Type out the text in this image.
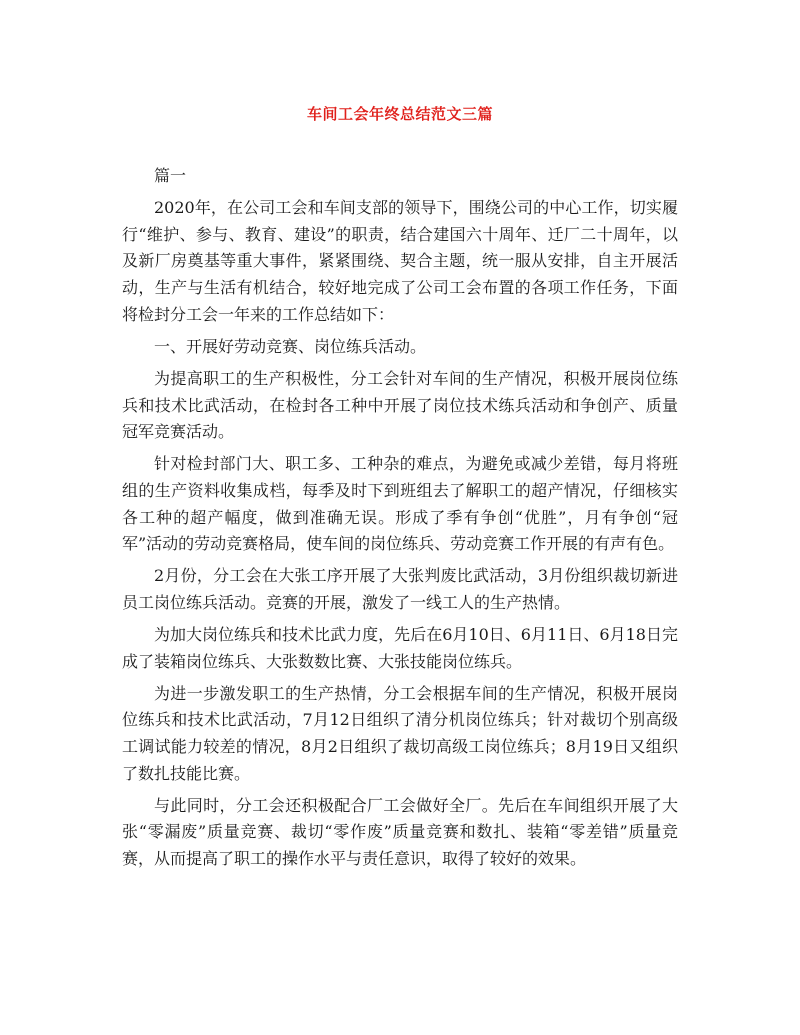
车间工会年终总结范文三篇

篇一

2020年，在公司工会和车间支部的领导下，围绕公司的中心工作，切实履行“维护、参与、教育、建设”的职责，结合建国六十周年、迁厂二十周年，以及新厂房奠基等重大事件，紧紧围绕、契合主题，统一服从安排，自主开展活动，生产与生活有机结合，较好地完成了公司工会布置的各项工作任务，下面将检封分工会一年来的工作总结如下：

一、开展好劳动竞赛、岗位练兵活动。

为提高职工的生产积极性，分工会针对车间的生产情况，积极开展岗位练兵和技术比武活动，在检封各工种中开展了岗位技术练兵活动和争创产、质量冠军竞赛活动。

针对检封部门大、职工多、工种杂的难点，为避免或减少差错，每月将班组的生产资料收集成档，每季及时下到班组去了解职工的超产情况，仔细核实各工种的超产幅度，做到准确无误。形成了季有争创“优胜”，月有争创“冠军”活动的劳动竞赛格局，使车间的岗位练兵、劳动竞赛工作开展的有声有色。

2月份，分工会在大张工序开展了大张判废比武活动，3月份组织裁切新进员工岗位练兵活动。竞赛的开展，激发了一线工人的生产热情。

为加大岗位练兵和技术比武力度，先后在6月10日、6月11日、6月18日完成了装箱岗位练兵、大张数数比赛、大张技能岗位练兵。

为进一步激发职工的生产热情，分工会根据车间的生产情况，积极开展岗位练兵和技术比武活动，7月12日组织了清分机岗位练兵；针对裁切个别高级工调试能力较差的情况，8月2日组织了裁切高级工岗位练兵；8月19日又组织了数扎技能比赛。

与此同时，分工会还积极配合厂工会做好全厂。先后在车间组织开展了大张“零漏废”质量竞赛、裁切“零作废”质量竞赛和数扎、装箱“零差错”质量竞赛，从而提高了职工的操作水平与责任意识，取得了较好的效果。
